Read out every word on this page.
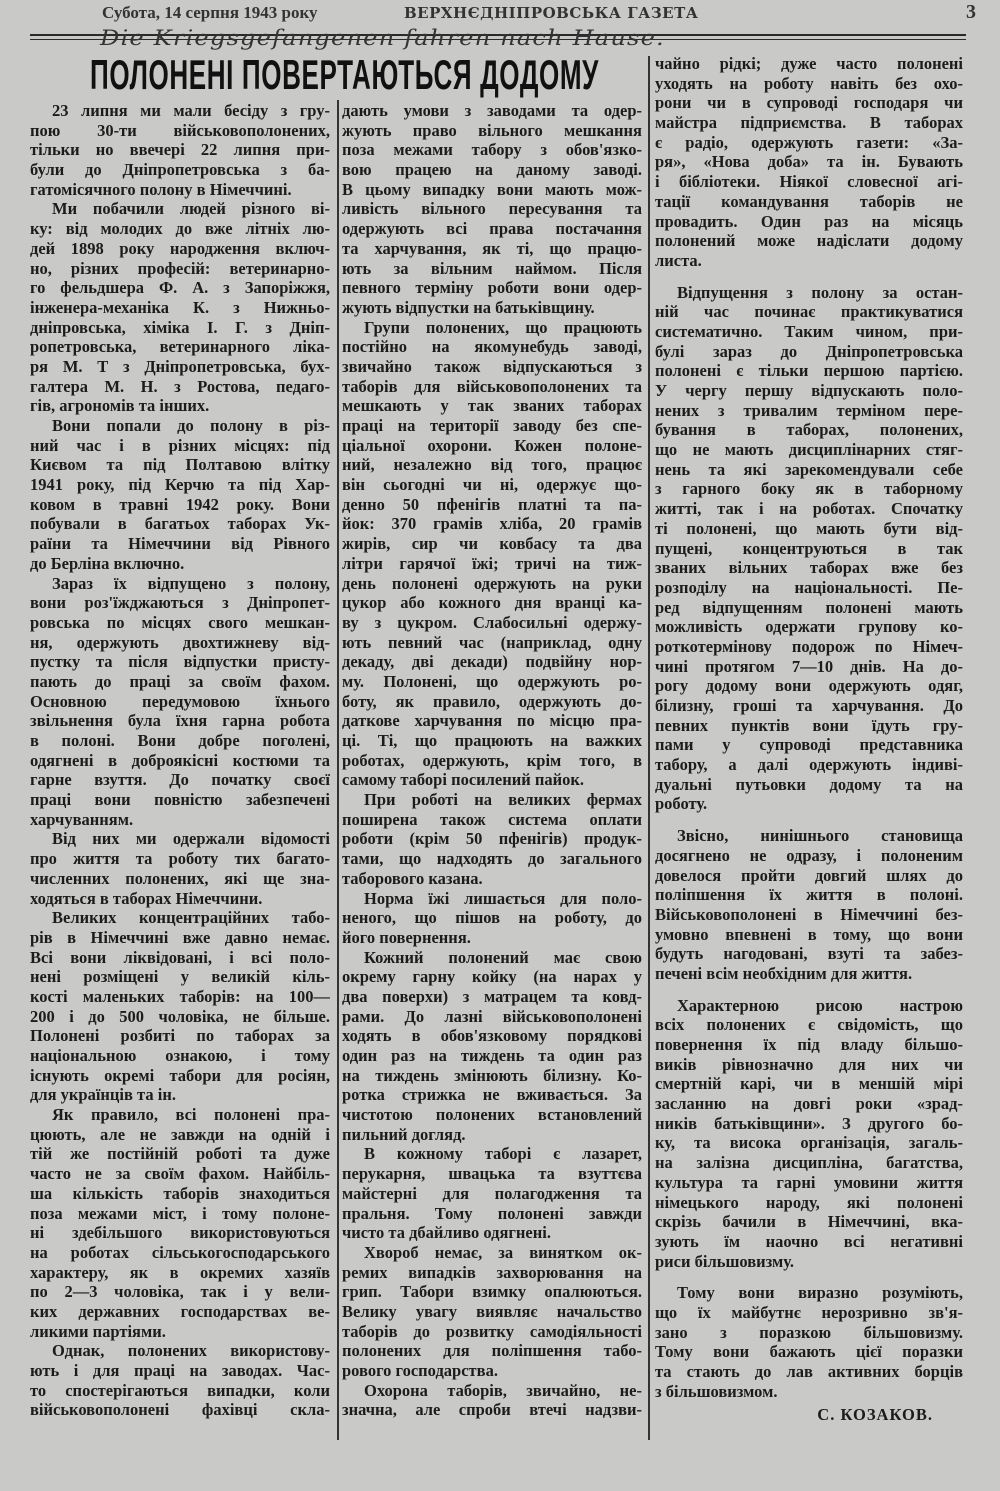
Субота, 14 серпня 1943 року	ВЕРХНЄДНІПРОВСЬКА ГАЗЕТА	3
Die Kriegsgefangenen fahren nach Hause.
ПОЛОНЕНІ ПОВЕРТАЮТЬСЯ ДОДОМУ
23 липня ми мали бесіду з гру-
пою 30-ти військовополонених,
тільки но ввечері 22 липня при-
були до Дніпропетровська з ба-
гатомісячного полону в Німеччині.
Ми побачили людей різного ві-
ку: від молодих до вже літніх лю-
дей 1898 року народження включ-
но, різних професій: ветеринарно-
го фельдшера Ф. А. з Запоріжжя,
інженера-механіка К. з Нижньо-
дніпровська, хіміка І. Г. з Дніп-
ропетровська, ветеринарного ліка-
ря М. Т з Дніпропетровська, бух-
галтера М. Н. з Ростова, педаго-
гів, агрономів та інших.
Вони попали до полону в різ-
ний час і в різних місцях: під
Києвом та під Полтавою влітку
1941 року, під Керчю та під Хар-
ковом в травні 1942 року. Вони
побували в багатьох таборах Ук-
раїни та Німеччини від Рівного
до Берліна включно.
Зараз їх відпущено з полону,
вони роз'їжджаються з Дніпропет-
ровська по місцях свого мешкан-
ня, одержують двохтижневу від-
пустку та після відпустки присту-
пають до праці за своїм фахом.
Основною передумовою їхнього
звільнення була їхня гарна робота
в полоні. Вони добре поголені,
одягнені в доброякісні костюми та
гарне взуття. До початку своєї
праці вони повністю забезпечені
харчуванням.
Від них ми одержали відомості
про життя та роботу тих багато-
численних полонених, які ще зна-
ходяться в таборах Німеччини.
Великих концентраційних табо-
рів в Німеччині вже давно немає.
Всі вони ліквідовані, і всі поло-
нені розміщені у великій кіль-
кості маленьких таборів: на 100—
200 і до 500 чоловіка, не більше.
Полонені розбиті по таборах за
національною ознакою, і тому
існують окремі табори для росіян,
для українців та ін.
Як правило, всі полонені пра-
цюють, але не завжди на одній і
тій же постійній роботі та дуже
часто не за своїм фахом. Найбіль-
ша кількість таборів знаходиться
поза межами міст, і тому полоне-
ні здебільшого використовуються
на роботах сільськогосподарського
характеру, як в окремих хазяїв
по 2—3 чоловіка, так і у вели-
ких державних господарствах ве-
ликими партіями.
Однак, полонених використову-
ють і для праці на заводах. Час-
то спостерігаються випадки, коли
військовополонені фахівці скла-
дають умови з заводами та одер-
жують право вільного мешкання
поза межами табору з обов'язко-
вою працею на даному заводі.
В цьому випадку вони мають мож-
ливість вільного пересування та
одержують всі права постачання
та харчування, як ті, що працю-
ють за вільним наймом. Після
певного терміну роботи вони одер-
жують відпустки на батьківщину.
Групи полонених, що працюють
постійно на якомунебудь заводі,
звичайно також відпускаються з
таборів для військовополонених та
мешкають у так званих таборах
праці на території заводу без спе-
ціальної охорони. Кожен полоне-
ний, незалежно від того, працює
він сьогодні чи ні, одержує що-
денно 50 пфенігів платні та па-
йок: 370 грамів хліба, 20 грамів
жирів, сир чи ковбасу та два
літри гарячої їжі; тричі на тиж-
день полонені одержують на руки
цукор або кожного дня вранці ка-
ву з цукром. Слабосильні одержу-
ють певний час (наприклад, одну
декаду, дві декади) подвійну нор-
му. Полонені, що одержують ро-
боту, як правило, одержують до-
даткове харчування по місцю пра-
ці. Ті, що працюють на важких
роботах, одержують, крім того, в
самому таборі посилений пайок.
При роботі на великих фермах
поширена також система оплати
роботи (крім 50 пфенігів) продук-
тами, що надходять до загального
таборового казана.
Норма їжі лишається для поло-
неного, що пішов на роботу, до
його повернення.
Кожний полонений має свою
окрему гарну койку (на нарах у
два поверхи) з матрацем та ковд-
рами. До лазні військовополонені
ходять в обов'язковому порядкові
один раз на тиждень та один раз
на тиждень змінюють білизну. Ко-
ротка стрижка не вживається. За
чистотою полонених встановлений
пильний догляд.
В кожному таборі є лазарет,
перукарня, швацька та взуттєва
майстерні для полагодження та
пральня. Тому полонені завжди
чисто та дбайливо одягнені.
Хвороб немає, за винятком ок-
ремих випадків захворювання на
грип. Табори взимку опалюються.
Велику увагу виявляє начальство
таборів до розвитку самодіяльності
полонених для поліпшення табо-
рового господарства.
Охорона таборів, звичайно, не-
значна, але спроби втечі надзви-
чайно рідкі; дуже часто полонені
уходять на роботу навіть без охо-
рони чи в супроводі господаря чи
майстра підприємства. В таборах
є радіо, одержують газети: «За-
ря», «Нова доба» та ін. Бувають
і бібліотеки. Ніякої словесної агі-
тації командування таборів не
провадить. Один раз на місяць
полонений може надіслати додому
листа.
Відпущення з полону за остан-
ній час починає практикуватися
систематично. Таким чином, при-
булі зараз до Дніпропетровська
полонені є тільки першою партією.
У чергу першу відпускають поло-
нених з тривалим терміном пере-
бування в таборах, полонених,
що не мають дисциплінарних стяг-
нень та які зарекомендували себе
з гарного боку як в таборному
житті, так і на роботах. Спочатку
ті полонені, що мають бути від-
пущені, концентруються в так
званих вільних таборах вже без
розподілу на національності. Пе-
ред відпущенням полонені мають
можливість одержати групову ко-
роткотермінову подорож по Німеч-
чині протягом 7—10 днів. На до-
рогу додому вони одержують одяг,
білизну, гроші та харчування. До
певних пунктів вони їдуть гру-
пами у супроводі представника
табору, а далі одержують індиві-
дуальні путьовки додому та на
роботу.
Звісно, нинішнього становища
досягнено не одразу, і полоненим
довелося пройти довгий шлях до
поліпшення їх життя в полоні.
Військовополонені в Німеччині без-
умовно впевнені в тому, що вони
будуть нагодовані, взуті та забез-
печені всім необхідним для життя.
Характерною рисою настрою
всіх полонених є свідомість, що
повернення їх під владу більшо-
виків рівнозначно для них чи
смертній карі, чи в меншій мірі
засланню на довгі роки «зрад-
ників батьківщини». З другого бо-
ку, та висока організація, загаль-
на залізна дисципліна, багатства,
культура та гарні умовини життя
німецького народу, які полонені
скрізь бачили в Німеччині, вка-
зують їм наочно всі негативні
риси більшовизму.
Тому вони виразно розуміють,
що їх майбутнє нерозривно зв'я-
зано з поразкою більшовизму.
Тому вони бажають цієї поразки
та стають до лав активних борців
з більшовизмом.
С. КОЗАКОВ.
